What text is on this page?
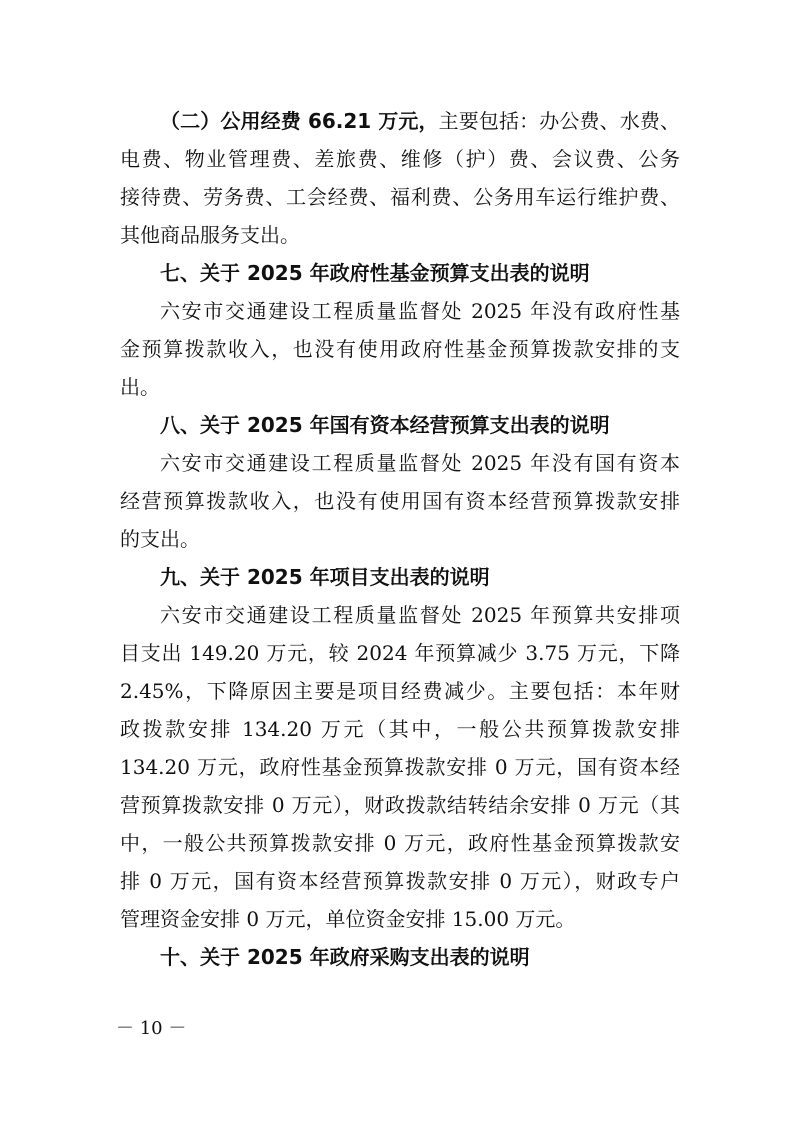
（二）公用经费 66.21 万元，主要包括：办公费、水费、
电费、物业管理费、差旅费、维修（护）费、会议费、公务
接待费、劳务费、工会经费、福利费、公务用车运行维护费、
其他商品服务支出。
七、关于 2025 年政府性基金预算支出表的说明
六安市交通建设工程质量监督处 2025 年没有政府性基
金预算拨款收入，也没有使用政府性基金预算拨款安排的支
出。
八、关于 2025 年国有资本经营预算支出表的说明
六安市交通建设工程质量监督处 2025 年没有国有资本
经营预算拨款收入，也没有使用国有资本经营预算拨款安排
的支出。
九、关于 2025 年项目支出表的说明
六安市交通建设工程质量监督处 2025 年预算共安排项
目支出 149.20 万元，较 2024 年预算减少 3.75 万元，下降
2.45%，下降原因主要是项目经费减少。主要包括：本年财
政拨款安排 134.20 万元（其中，一般公共预算拨款安排
134.20 万元，政府性基金预算拨款安排 0 万元，国有资本经
营预算拨款安排 0 万元），财政拨款结转结余安排 0 万元（其
中，一般公共预算拨款安排 0 万元，政府性基金预算拨款安
排 0 万元，国有资本经营预算拨款安排 0 万元），财政专户
管理资金安排 0 万元，单位资金安排 15.00 万元。
十、关于 2025 年政府采购支出表的说明
－ 10 －
